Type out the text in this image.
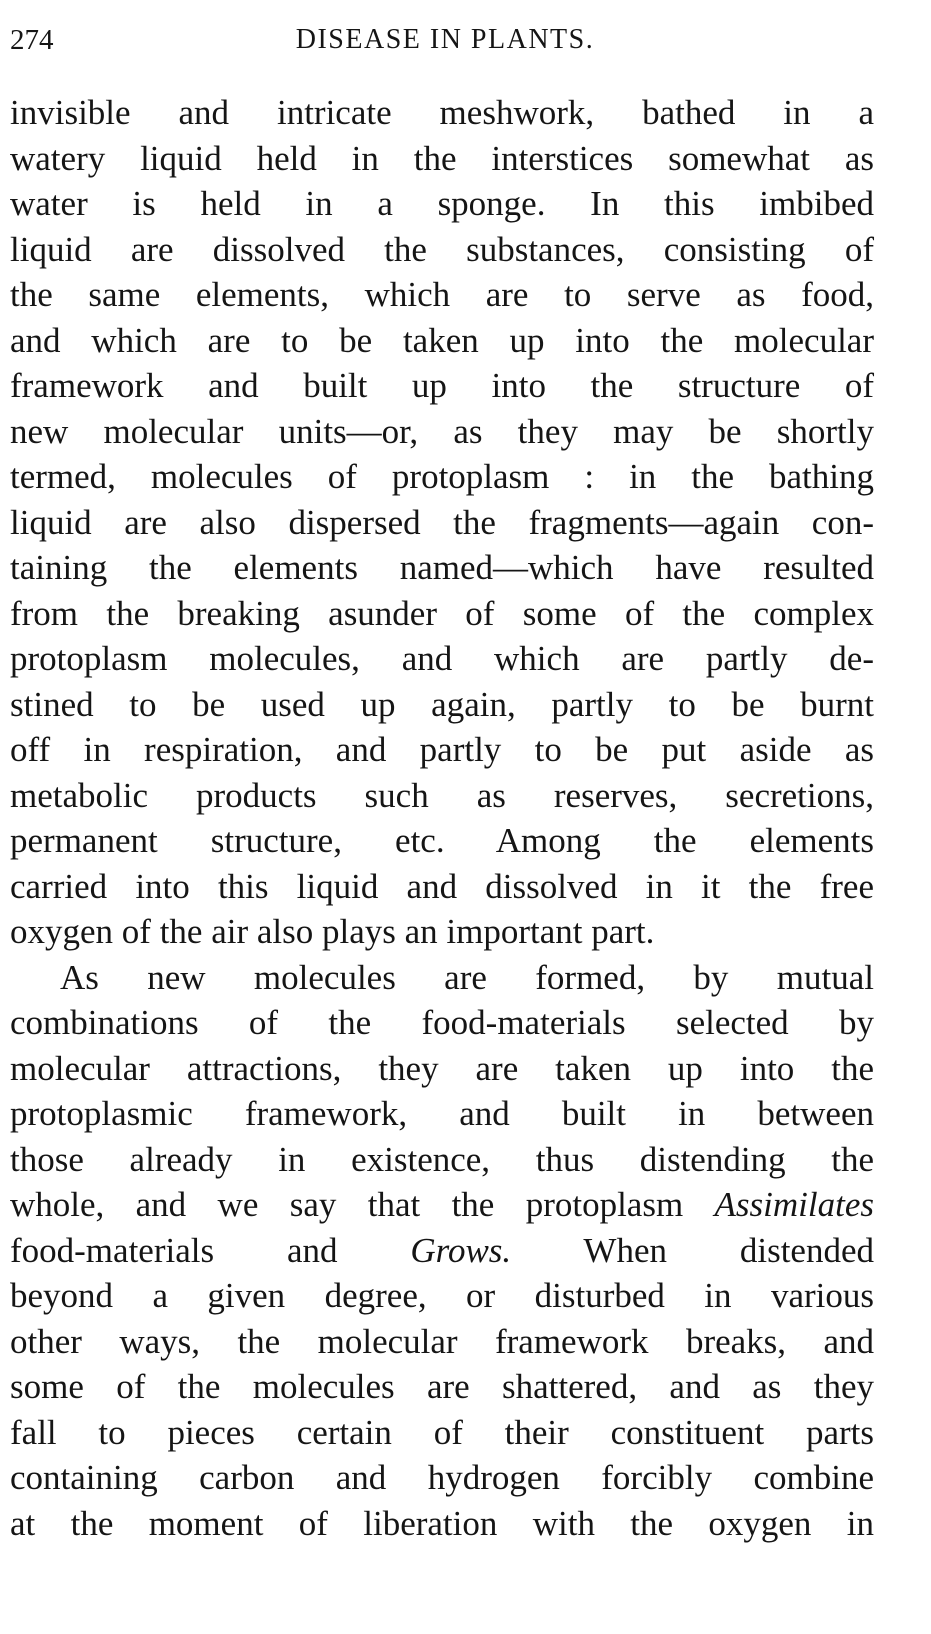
274	DISEASE IN PLANTS.
invisible and intricate meshwork, bathed in a
watery liquid held in the interstices somewhat as
water is held in a sponge. In this imbibed
liquid are dissolved the substances, consisting of
the same elements, which are to serve as food,
and which are to be taken up into the molecular
framework and built up into the structure of
new molecular units—or, as they may be shortly
termed, molecules of protoplasm : in the bathing
liquid are also dispersed the fragments—again con-
taining the elements named—which have resulted
from the breaking asunder of some of the complex
protoplasm molecules, and which are partly de-
stined to be used up again, partly to be burnt
off in respiration, and partly to be put aside as
metabolic products such as reserves, secretions,
permanent structure, etc. Among the elements
carried into this liquid and dissolved in it the free
oxygen of the air also plays an important part.
As new molecules are formed, by mutual
combinations of the food-materials selected by
molecular attractions, they are taken up into the
protoplasmic framework, and built in between
those already in existence, thus distending the
whole, and we say that the protoplasm Assimilates
food-materials and Grows. When distended
beyond a given degree, or disturbed in various
other ways, the molecular framework breaks, and
some of the molecules are shattered, and as they
fall to pieces certain of their constituent parts
containing carbon and hydrogen forcibly combine
at the moment of liberation with the oxygen in
